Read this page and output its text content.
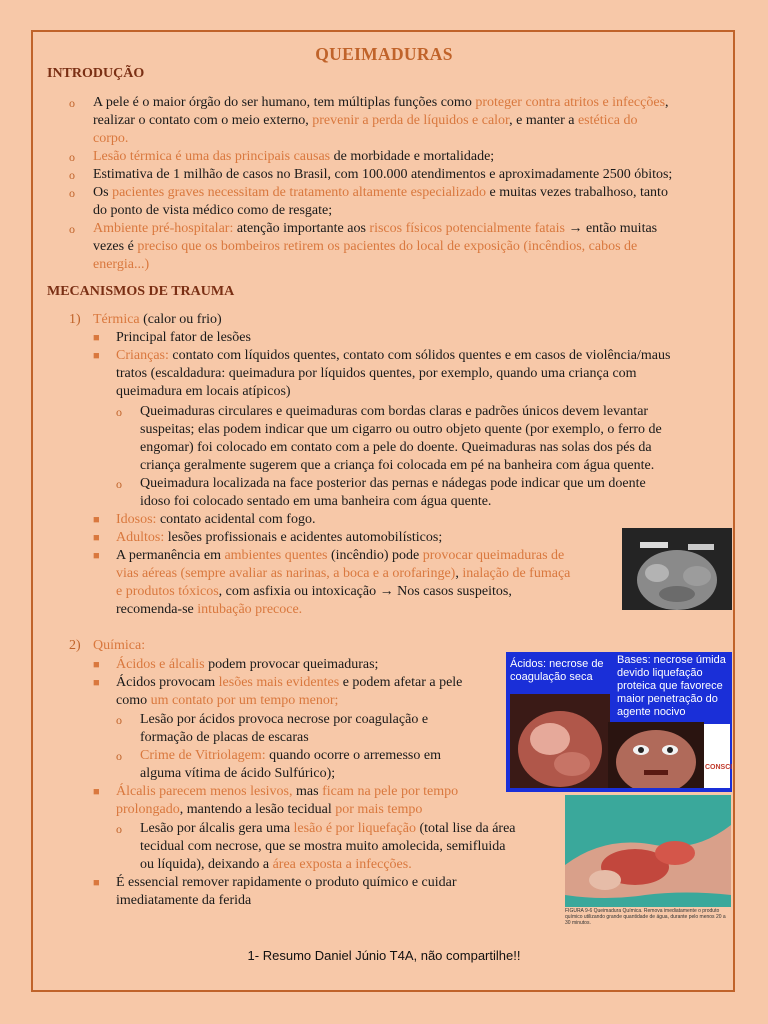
QUEIMADURAS
INTRODUÇÃO
o A pele é o maior órgão do ser humano, tem múltiplas funções como proteger contra atritos e infecções,
realizar o contato com o meio externo, prevenir a perda de líquidos e calor, e manter a estética do
corpo.
o Lesão térmica é uma das principais causas de morbidade e mortalidade;
o Estimativa de 1 milhão de casos no Brasil, com 100.000 atendimentos e aproximadamente 2500 óbitos;
o Os pacientes graves necessitam de tratamento altamente especializado e muitas vezes trabalhoso, tanto
do ponto de vista médico como de resgate;
o Ambiente pré-hospitalar: atenção importante aos riscos físicos potencialmente fatais → então muitas
vezes é preciso que os bombeiros retirem os pacientes do local de exposição (incêndios, cabos de
energia...)
MECANISMOS DE TRAUMA
1) Térmica (calor ou frio)
■ Principal fator de lesões
■ Crianças: contato com líquidos quentes, contato com sólidos quentes e em casos de violência/maus
tratos (escaldadura: queimadura por líquidos quentes, por exemplo, quando uma criança com
queimadura em locais atípicos)
o Queimaduras circulares e queimaduras com bordas claras e padrões únicos devem levantar
suspeitas; elas podem indicar que um cigarro ou outro objeto quente (por exemplo, o ferro de
engomar) foi colocado em contato com a pele do doente. Queimaduras nas solas dos pés da
criança geralmente sugerem que a criança foi colocada em pé na banheira com água quente.
o Queimadura localizada na face posterior das pernas e nádegas pode indicar que um doente
idoso foi colocado sentado em uma banheira com água quente.
■ Idosos: contato acidental com fogo.
■ Adultos: lesões profissionais e acidentes automobilísticos;
■ A permanência em ambientes quentes (incêndio) pode provocar queimaduras de
vias aéreas (sempre avaliar as narinas, a boca e a orofaringe), inalação de fumaça
e produtos tóxicos, com asfixia ou intoxicação → Nos casos suspeitos,
recomenda-se intubação precoce.
2) Química:
■ Ácidos e álcalis podem provocar queimaduras;
■ Ácidos provocam lesões mais evidentes e podem afetar a pele
como um contato por um tempo menor;
o Lesão por ácidos provoca necrose por coagulação e
formação de placas de escaras
o Crime de Vitriolagem: quando ocorre o arremesso em
alguma vítima de ácido Sulfúrico);
■ Álcalis parecem menos lesivos, mas ficam na pele por tempo
prolongado, mantendo a lesão tecidual por mais tempo
o Lesão por álcalis gera uma lesão é por liquefação (total lise da área
tecidual com necrose, que se mostra muito amolecida, semifluida
ou líquida), deixando a área exposta a infecções.
■ É essencial remover rapidamente o produto químico e cuidar
imediatamente da ferida
Ácidos: necrose de coagulação seca
Bases: necrose úmida devido liquefação proteica que favorece maior penetração do agente nocivo
CONSCI
FIGURA 9-6 Queimadura Química. Remova imediatamente o produto químico utilizando grande quantidade de água, durante pelo menos 20 a 30 minutos.
1- Resumo Daniel Júnio T4A, não compartilhe!!
